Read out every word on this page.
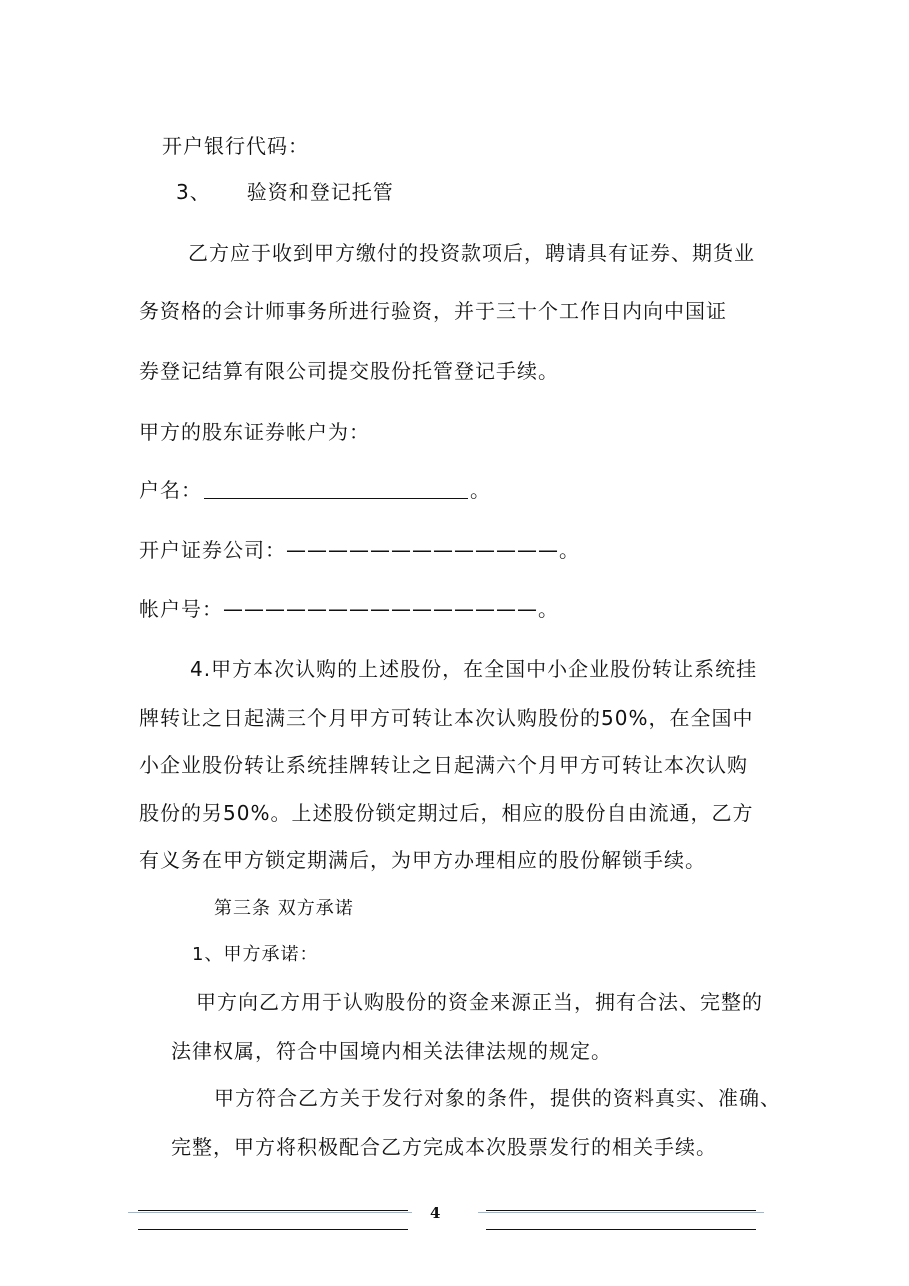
开户银行代码：
3、 验资和登记托管
乙方应于收到甲方缴付的投资款项后，聘请具有证券、期货业
务资格的会计师事务所进行验资，并于三十个工作日内向中国证
券登记结算有限公司提交股份托管登记手续。
甲方的股东证券帐户为：
户名：	。
开户证券公司：—————————————。
帐户号：———————————————。
4.甲方本次认购的上述股份，在全国中小企业股份转让系统挂
牌转让之日起满三个月甲方可转让本次认购股份的50%，在全国中
小企业股份转让系统挂牌转让之日起满六个月甲方可转让本次认购
股份的另50%。上述股份锁定期过后，相应的股份自由流通，乙方
有义务在甲方锁定期满后，为甲方办理相应的股份解锁手续。
第三条 双方承诺
1、甲方承诺：
甲方向乙方用于认购股份的资金来源正当，拥有合法、完整的
法律权属，符合中国境内相关法律法规的规定。
甲方符合乙方关于发行对象的条件，提供的资料真实、准确、
完整，甲方将积极配合乙方完成本次股票发行的相关手续。
4
